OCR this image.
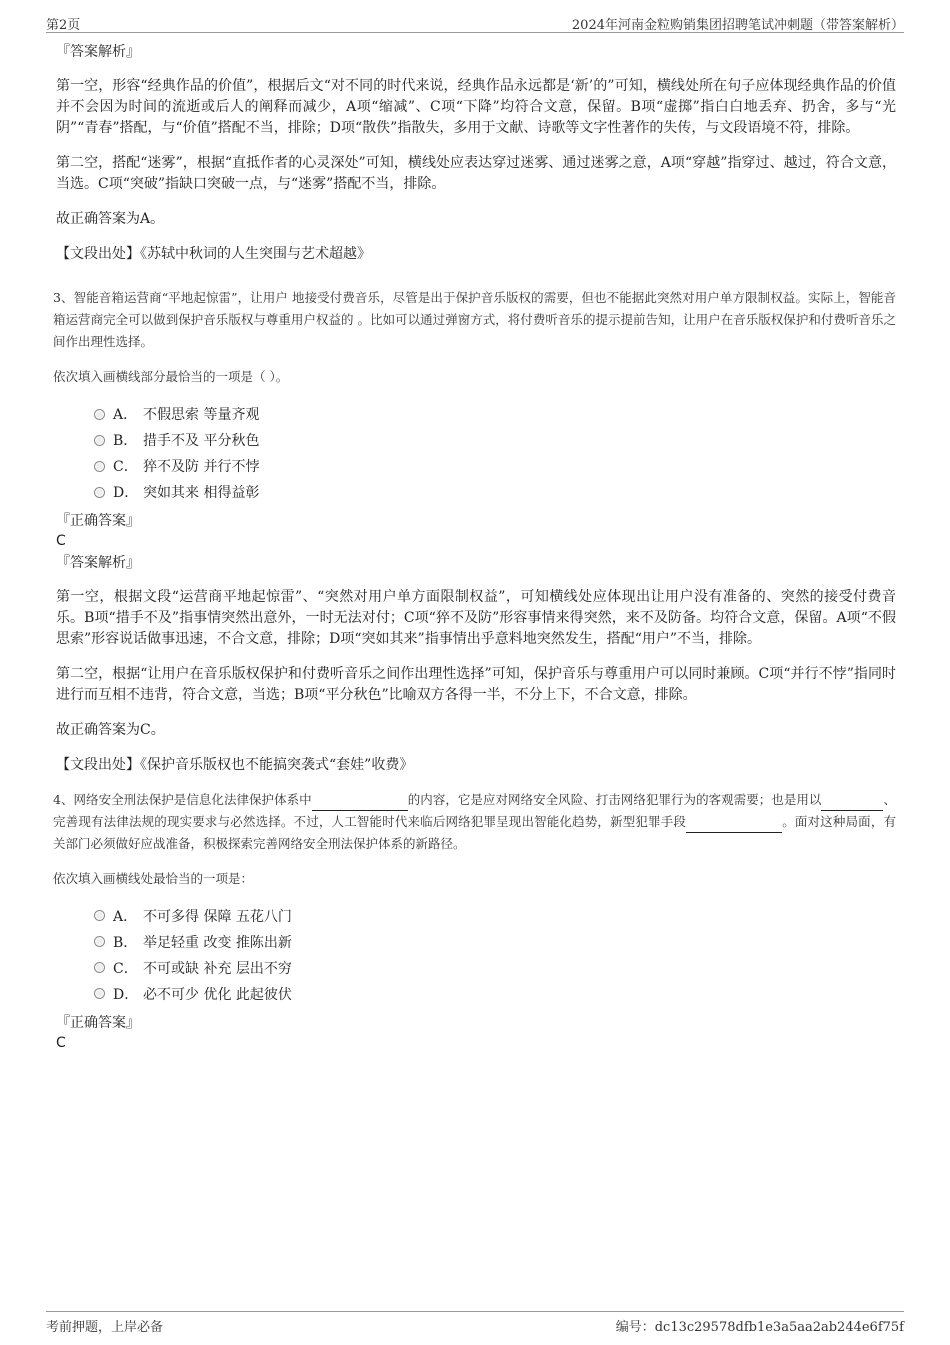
第2页	2024年河南金粒购销集团招聘笔试冲刺题（带答案解析）

『答案解析』

第一空，形容“经典作品的价值”，根据后文“对不同的时代来说，经典作品永远都是‘新’的”可知，横线处所在句子应体现经典作品的价值并不会因为时间的流逝或后人的阐释而减少，A项“缩减”、C项“下降”均符合文意，保留。B项“虚掷”指白白地丢弃、扔舍，多与“光阴”“青春”搭配，与“价值”搭配不当，排除；D项“散佚”指散失，多用于文献、诗歌等文字性著作的失传，与文段语境不符，排除。

第二空，搭配“迷雾”，根据“直抵作者的心灵深处”可知，横线处应表达穿过迷雾、通过迷雾之意，A项“穿越”指穿过、越过，符合文意，当选。C项“突破”指缺口突破一点，与“迷雾”搭配不当，排除。

故正确答案为A。

【文段出处】《苏轼中秋词的人生突围与艺术超越》

3、智能音箱运营商“平地起惊雷”，让用户 地接受付费音乐，尽管是出于保护音乐版权的需要，但也不能据此突然对用户单方限制权益。实际上，智能音箱运营商完全可以做到保护音乐版权与尊重用户权益的 。比如可以通过弹窗方式，将付费听音乐的提示提前告知，让用户在音乐版权保护和付费听音乐之间作出理性选择。

依次填入画横线部分最恰当的一项是（ ）。

A． 不假思索 等量齐观
B． 措手不及 平分秋色
C． 猝不及防 并行不悖
D． 突如其来 相得益彰

『正确答案』

C

『答案解析』

第一空，根据文段“运营商平地起惊雷”、“突然对用户单方面限制权益”，可知横线处应体现出让用户没有准备的、突然的接受付费音乐。B项“措手不及”指事情突然出意外，一时无法对付；C项“猝不及防”形容事情来得突然，来不及防备。均符合文意，保留。A项“不假思索”形容说话做事迅速，不合文意，排除；D项“突如其来”指事情出乎意料地突然发生，搭配“用户”不当，排除。

第二空，根据“让用户在音乐版权保护和付费听音乐之间作出理性选择”可知，保护音乐与尊重用户可以同时兼顾。C项“并行不悖”指同时进行而互相不违背，符合文意，当选；B项“平分秋色”比喻双方各得一半，不分上下，不合文意，排除。

故正确答案为C。

【文段出处】《保护音乐版权也不能搞突袭式“套娃”收费》

4、网络安全刑法保护是信息化法律保护体系中	的内容，它是应对网络安全风险、打击网络犯罪行为的客观需要；也是用以	、完善现有法律法规的现实要求与必然选择。不过，人工智能时代来临后网络犯罪呈现出智能化趋势，新型犯罪手段	。面对这种局面，有关部门必须做好应战准备，积极探索完善网络安全刑法保护体系的新路径。

依次填入画横线处最恰当的一项是：

A． 不可多得 保障 五花八门
B． 举足轻重 改变 推陈出新
C． 不可或缺 补充 层出不穷
D． 必不可少 优化 此起彼伏

『正确答案』

C

考前押题，上岸必备	编号：dc13c29578dfb1e3a5aa2ab244e6f75f
